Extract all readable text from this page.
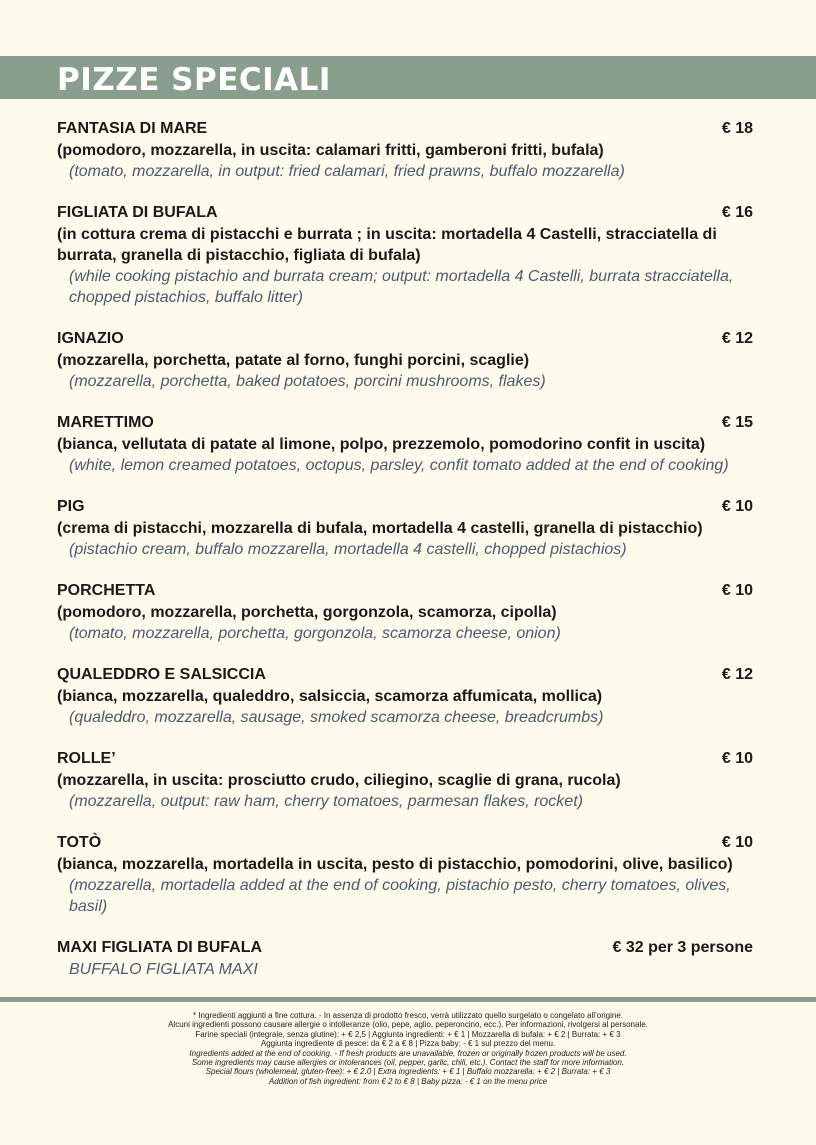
PIZZE SPECIALI
FANTASIA DI MARE	€ 18
(pomodoro, mozzarella, in uscita: calamari fritti, gamberoni fritti, bufala)
(tomato, mozzarella, in output: fried calamari, fried prawns, buffalo mozzarella)
FIGLIATA DI BUFALA	€ 16
(in cottura crema di pistacchi e burrata ; in uscita: mortadella 4 Castelli, stracciatella di burrata, granella di pistacchio, figliata di bufala)
(while cooking pistachio and burrata cream; output: mortadella 4 Castelli, burrata stracciatella, chopped pistachios, buffalo litter)
IGNAZIO	€ 12
(mozzarella, porchetta, patate al forno, funghi porcini, scaglie)
(mozzarella, porchetta, baked potatoes, porcini mushrooms, flakes)
MARETTIMO	€ 15
(bianca, vellutata di patate al limone, polpo, prezzemolo, pomodorino confit in uscita)
(white, lemon creamed potatoes, octopus, parsley, confit tomato added at the end of cooking)
PIG	€ 10
(crema di pistacchi, mozzarella di bufala, mortadella 4 castelli, granella di pistacchio)
(pistachio cream, buffalo mozzarella, mortadella 4 castelli, chopped pistachios)
PORCHETTA	€ 10
(pomodoro, mozzarella, porchetta, gorgonzola, scamorza, cipolla)
(tomato, mozzarella, porchetta, gorgonzola, scamorza cheese, onion)
QUALEDDRO E SALSICCIA	€ 12
(bianca, mozzarella, qualeddro, salsiccia, scamorza affumicata, mollica)
(qualeddro, mozzarella, sausage, smoked scamorza cheese, breadcrumbs)
ROLLE’	€ 10
(mozzarella, in uscita: prosciutto crudo, ciliegino, scaglie di grana, rucola)
(mozzarella, output: raw ham, cherry tomatoes, parmesan flakes, rocket)
TOTÒ	€ 10
(bianca, mozzarella, mortadella in uscita, pesto di pistacchio, pomodorini, olive, basilico)
(mozzarella, mortadella added at the end of cooking, pistachio pesto, cherry tomatoes, olives, basil)
MAXI FIGLIATA DI BUFALA	€ 32 per 3 persone
BUFFALO FIGLIATA MAXI
* Ingredienti aggiunti a fine cottura. - In assenza di prodotto fresco, verrà utilizzato quello surgelato o congelato all’origine.
Alcuni ingredienti possono causare allergie o intolleranze (olio, pepe, aglio, peperoncino, ecc.). Per informazioni, rivolgersi al personale.
Farine speciali (integrale, senza glutine): + € 2,5 | Aggiunta ingredienti: + € 1 | Mozzarella di bufala: + € 2 | Burrata: + € 3
Aggiunta ingrediente di pesce: da € 2 a € 8 | Pizza baby: - € 1 sul prezzo del menu.
Ingredients added at the end of cooking. - If fresh products are unavailable, frozen or originally frozen products will be used.
Some ingredients may cause allergies or intolerances (oil, pepper, garlic, chili, etc.). Contact the staff for more information.
Special flours (wholemeal, gluten-free): + € 2.0 | Extra ingredients: + € 1 | Buffalo mozzarella: + € 2 | Burrata: + € 3
Addition of fish ingredient: from € 2 to € 8 | Baby pizza: - € 1 on the menu price
